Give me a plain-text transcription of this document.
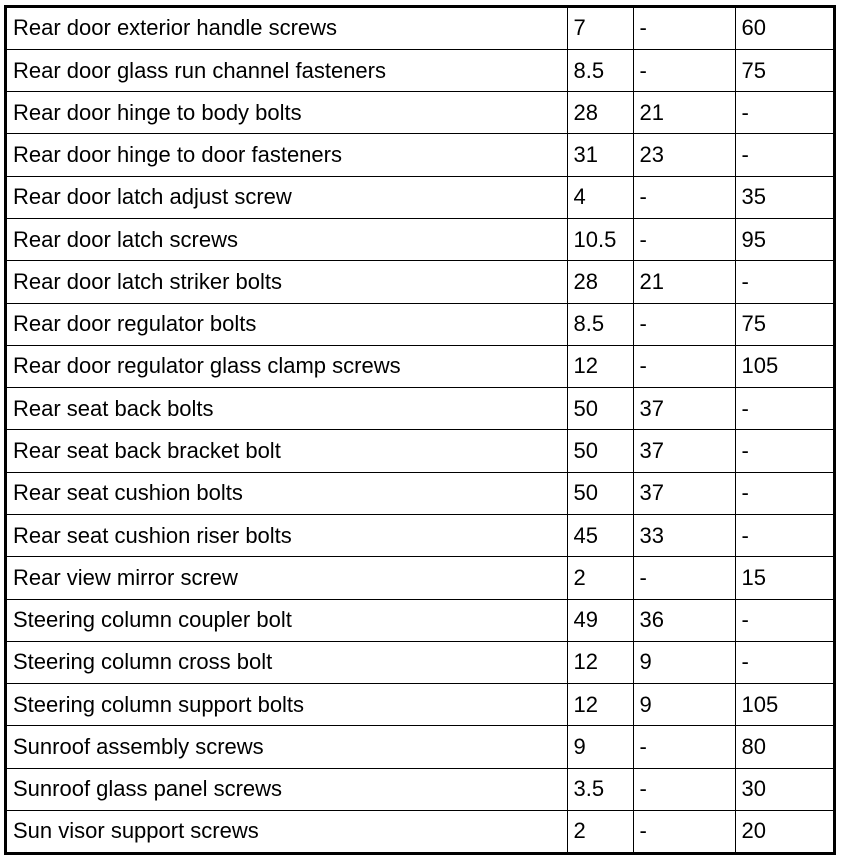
Rear door exterior handle screws	7	-	60
Rear door glass run channel fasteners	8.5	-	75
Rear door hinge to body bolts	28	21	-
Rear door hinge to door fasteners	31	23	-
Rear door latch adjust screw	4	-	35
Rear door latch screws	10.5	-	95
Rear door latch striker bolts	28	21	-
Rear door regulator bolts	8.5	-	75
Rear door regulator glass clamp screws	12	-	105
Rear seat back bolts	50	37	-
Rear seat back bracket bolt	50	37	-
Rear seat cushion bolts	50	37	-
Rear seat cushion riser bolts	45	33	-
Rear view mirror screw	2	-	15
Steering column coupler bolt	49	36	-
Steering column cross bolt	12	9	-
Steering column support bolts	12	9	105
Sunroof assembly screws	9	-	80
Sunroof glass panel screws	3.5	-	30
Sun visor support screws	2	-	20
